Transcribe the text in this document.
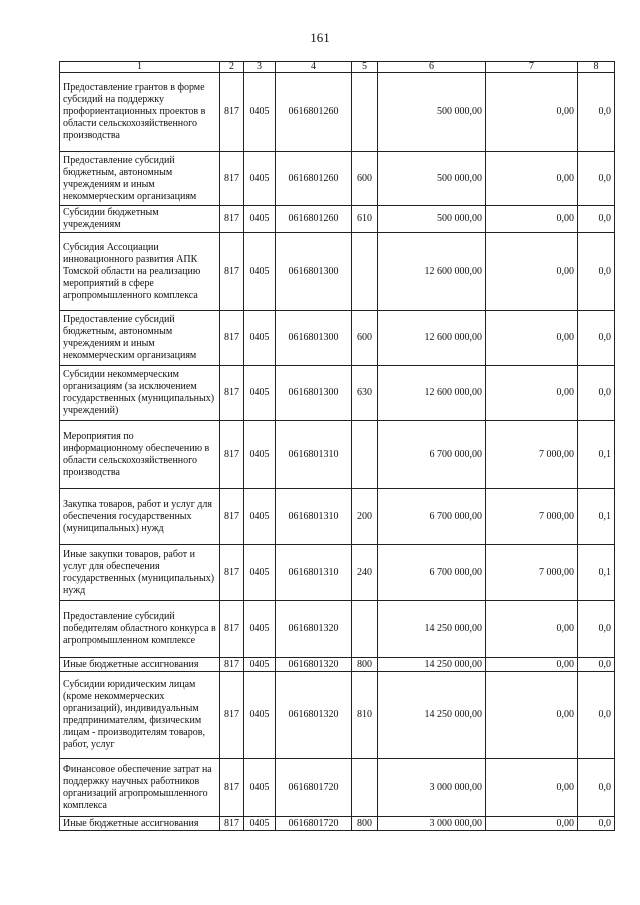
161
1	2	3	4	5	6	7	8
Предоставление грантов в форме субсидий на поддержку профориентационных проектов в области сельскохозяйственного производства	817	0405	0616801260		500 000,00	0,00	0,0
Предоставление субсидий бюджетным, автономным учреждениям и иным некоммерческим организациям	817	0405	0616801260	600	500 000,00	0,00	0,0
Субсидии бюджетным учреждениям	817	0405	0616801260	610	500 000,00	0,00	0,0
Субсидия Ассоциации инновационного развития АПК Томской области на реализацию мероприятий в сфере агропромышленного комплекса	817	0405	0616801300		12 600 000,00	0,00	0,0
Предоставление субсидий бюджетным, автономным учреждениям и иным некоммерческим организациям	817	0405	0616801300	600	12 600 000,00	0,00	0,0
Субсидии некоммерческим организациям (за исключением государственных (муниципальных) учреждений)	817	0405	0616801300	630	12 600 000,00	0,00	0,0
Мероприятия по информационному обеспечению в области сельскохозяйственного производства	817	0405	0616801310		6 700 000,00	7 000,00	0,1
Закупка товаров, работ и услуг для обеспечения государственных (муниципальных) нужд	817	0405	0616801310	200	6 700 000,00	7 000,00	0,1
Иные закупки товаров, работ и услуг для обеспечения государственных (муниципальных) нужд	817	0405	0616801310	240	6 700 000,00	7 000,00	0,1
Предоставление субсидий победителям областного конкурса в агропромышленном комплексе	817	0405	0616801320		14 250 000,00	0,00	0,0
Иные бюджетные ассигнования	817	0405	0616801320	800	14 250 000,00	0,00	0,0
Субсидии юридическим лицам (кроме некоммерческих организаций), индивидуальным предпринимателям, физическим лицам - производителям товаров, работ, услуг	817	0405	0616801320	810	14 250 000,00	0,00	0,0
Финансовое обеспечение затрат на поддержку научных работников организаций агропромышленного комплекса	817	0405	0616801720		3 000 000,00	0,00	0,0
Иные бюджетные ассигнования	817	0405	0616801720	800	3 000 000,00	0,00	0,0
